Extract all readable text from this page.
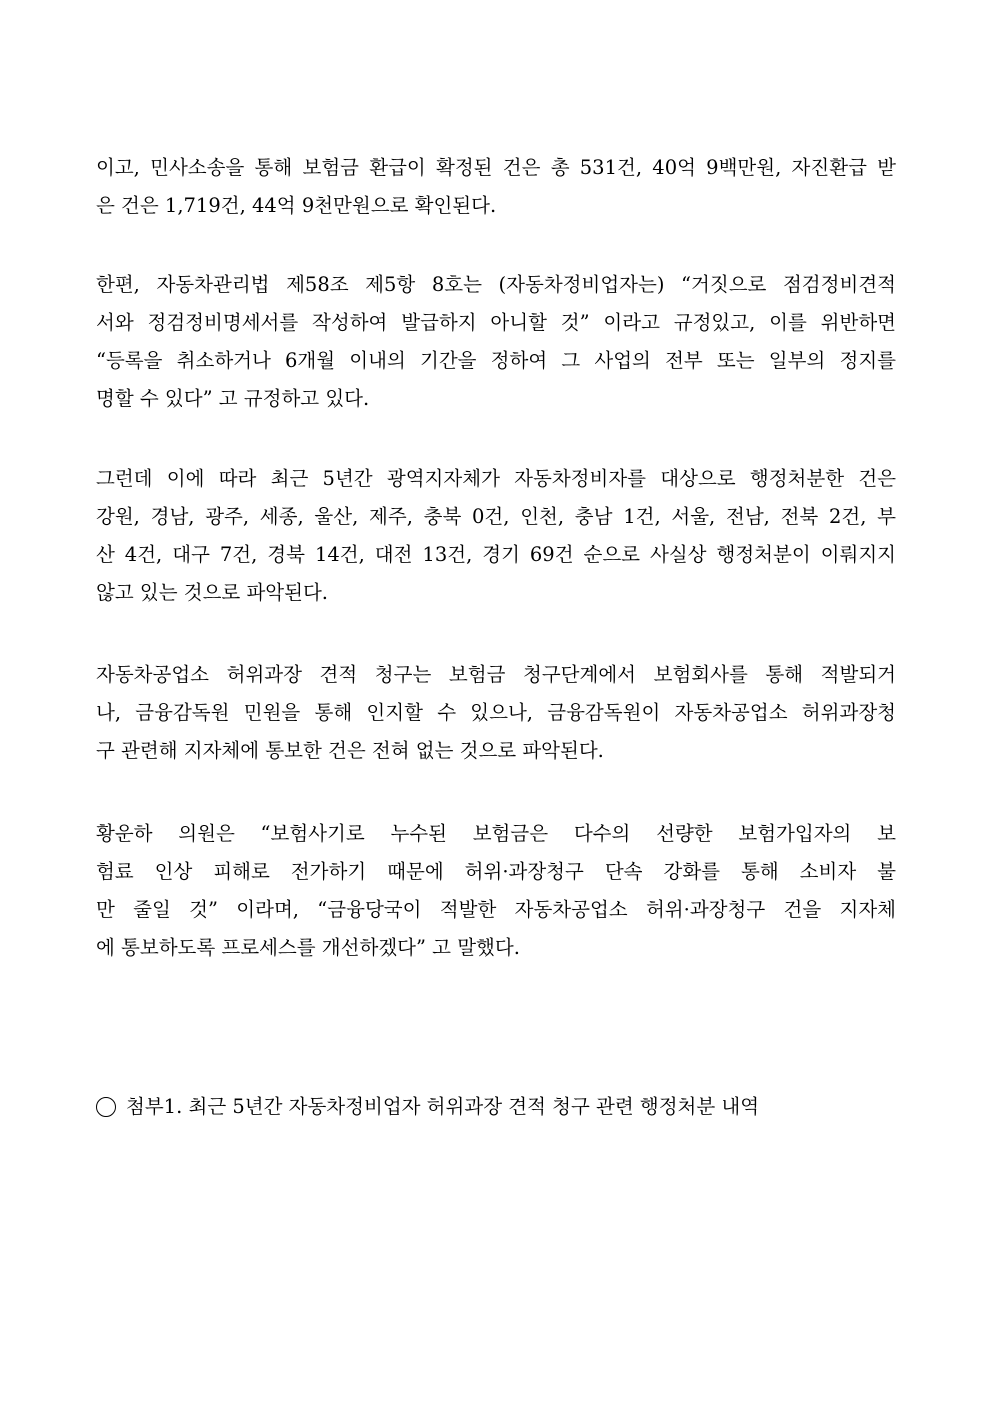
이고, 민사소송을 통해 보험금 환급이 확정된 건은 총 531건, 40억 9백만원, 자진환급 받
은 건은 1,719건, 44억 9천만원으로 확인된다.
한편, 자동차관리법 제58조 제5항 8호는 (자동차정비업자는) “거짓으로 점검정비견적
서와 정검정비명세서를 작성하여 발급하지 아니할 것” 이라고 규정있고, 이를 위반하면
“등록을 취소하거나 6개월 이내의 기간을 정하여 그 사업의 전부 또는 일부의 정지를
명할 수 있다” 고 규정하고 있다.
그런데 이에 따라 최근 5년간 광역지자체가 자동차정비자를 대상으로 행정처분한 건은
강원, 경남, 광주, 세종, 울산, 제주, 충북 0건, 인천, 충남 1건, 서울, 전남, 전북 2건, 부
산 4건, 대구 7건, 경북 14건, 대전 13건, 경기 69건 순으로 사실상 행정처분이 이뤄지지
않고 있는 것으로 파악된다.
자동차공업소 허위과장 견적 청구는 보험금 청구단계에서 보험회사를 통해 적발되거
나, 금융감독원 민원을 통해 인지할 수 있으나, 금융감독원이 자동차공업소 허위과장청
구 관련해 지자체에 통보한 건은 전혀 없는 것으로 파악된다.
황운하 의원은 “보험사기로 누수된 보험금은 다수의 선량한 보험가입자의 보
험료 인상 피해로 전가하기 때문에 허위·과장청구 단속 강화를 통해 소비자 불
만 줄일 것” 이라며, “금융당국이 적발한 자동차공업소 허위·과장청구 건을 지자체
에 통보하도록 프로세스를 개선하겠다” 고 말했다.
첨부1. 최근 5년간 자동차정비업자 허위과장 견적 청구 관련 행정처분 내역
